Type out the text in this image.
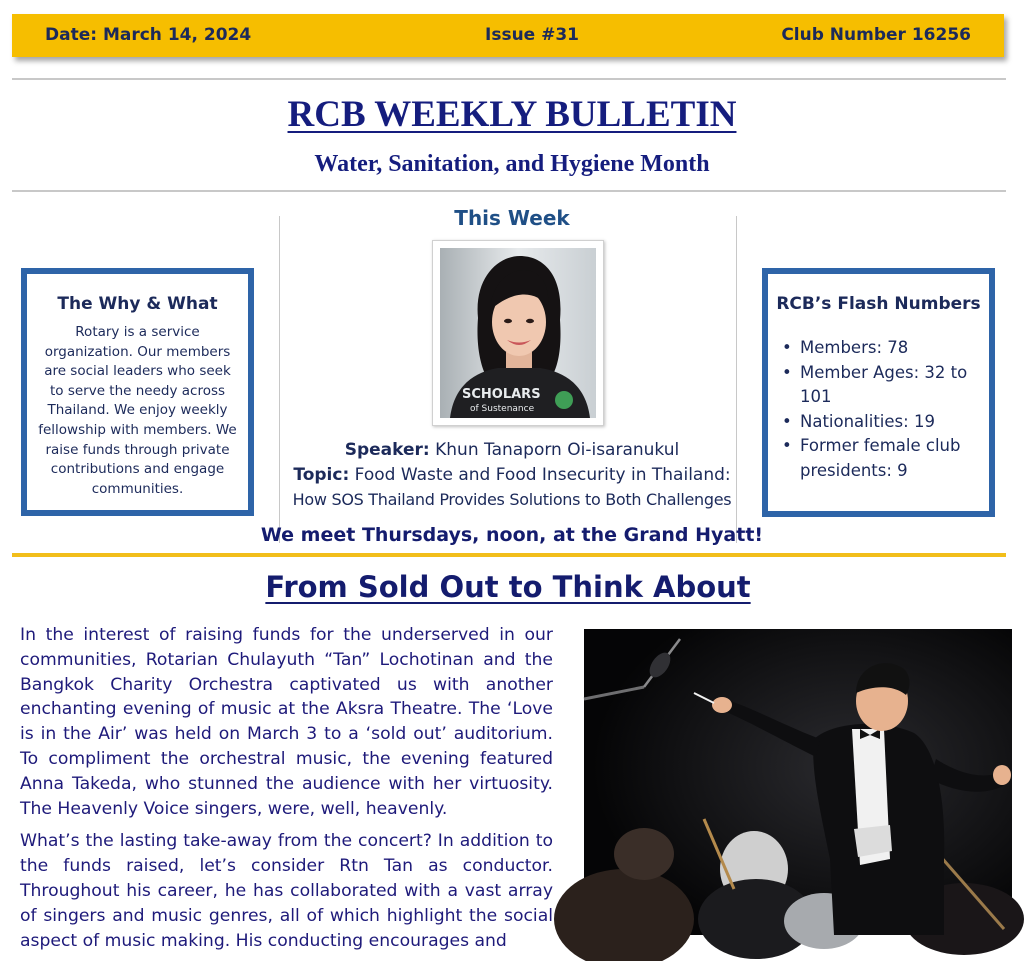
Date: March 14, 2024	Issue #31	Club Number 16256
RCB WEEKLY BULLETIN
Water, Sanitation, and Hygiene Month
The Why & What

Rotary is a service organization. Our members are social leaders who seek to serve the needy across Thailand. We enjoy weekly fellowship with members. We raise funds through private contributions and engage communities.

This Week
SCHOLARS
of Sustenance
Speaker: Khun Tanaporn Oi-isaranukul
Topic: Food Waste and Food Insecurity in Thailand:
How SOS Thailand Provides Solutions to Both Challenges
We meet Thursdays, noon, at the Grand Hyatt!
RCB’s Flash Numbers
• Members: 78
• Member Ages: 32 to 101
• Nationalities: 19
• Former female club presidents: 9
From Sold Out to Think About

In the interest of raising funds for the underserved in our communities, Rotarian Chulayuth “Tan” Lochotinan and the Bangkok Charity Orchestra captivated us with another enchanting evening of music at the Aksra Theatre. The ‘Love is in the Air’ was held on March 3 to a ‘sold out’ auditorium. To compliment the orchestral music, the evening featured Anna Takeda, who stunned the audience with her virtuosity. The Heavenly Voice singers, were, well, heavenly.

What’s the lasting take-away from the concert? In addition to the funds raised, let’s consider Rtn Tan as conductor. Throughout his career, he has collaborated with a vast array of singers and music genres, all of which highlight the social aspect of music making. His conducting encourages and
